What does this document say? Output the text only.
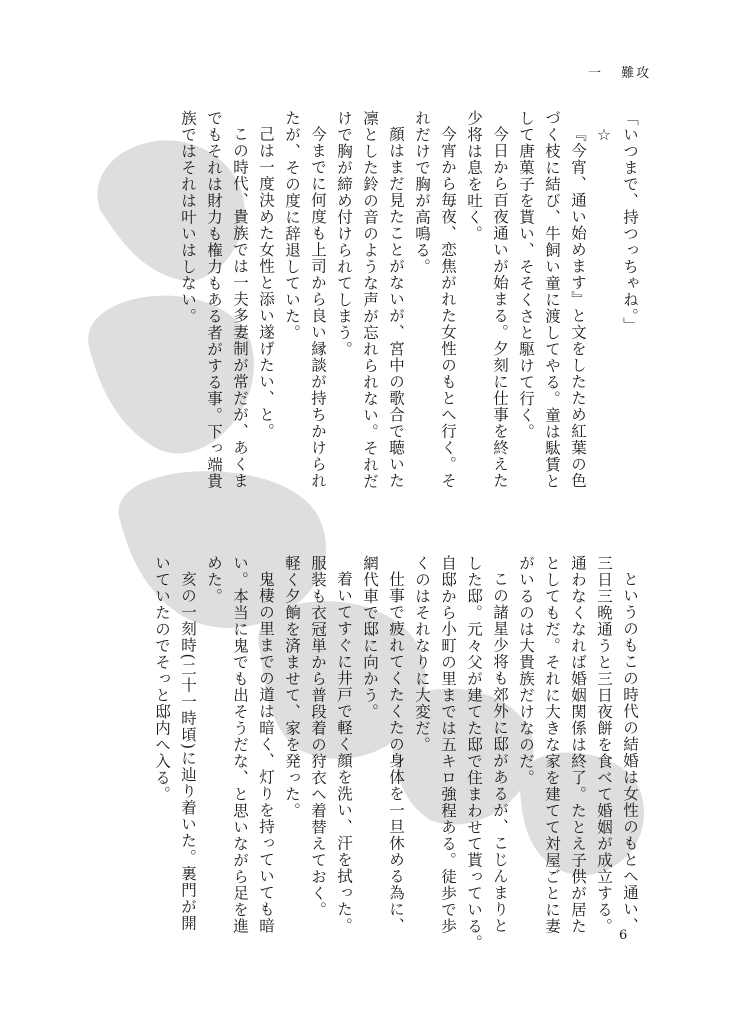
一 難攻

「いつまで、持つっちゃね。」

☆

『今宵、通い始めます』と文をしたため紅葉の色

づく枝に結び、牛飼い童に渡してやる。童は駄賃と

して唐菓子を貰い、そそくさと駆けて行く。

今日から百夜通いが始まる。夕刻に仕事を終えた

少将は息を吐く。

今宵から毎夜、恋焦がれた女性のもとへ行く。そ

れだけで胸が高鳴る。

顔はまだ見たことがないが、宮中の歌合で聴いた

凛とした鈴の音のような声が忘れられない。それだ

けで胸が締め付けられてしまう。

今までに何度も上司から良い縁談が持ちかけられ

たが、その度に辞退していた。

己は一度決めた女性と添い遂げたい、と。

この時代、貴族では一夫多妻制が常だが、あくま

でもそれは財力も権力もある者がする事。下っ端貴

族ではそれは叶いはしない。

というのもこの時代の結婚は女性のもとへ通い、

三日三晩通うと三日夜餅を食べて婚姻が成立する。

通わなくなれば婚姻関係は終了。たとえ子供が居た

としてもだ。それに大きな家を建てて対屋ごとに妻

がいるのは大貴族だけなのだ。

この諸星少将も郊外に邸があるが、こじんまりと

した邸。元々父が建てた邸で住まわせて貰っている。

自邸から小町の里までは五キロ強程ある。徒歩で歩

くのはそれなりに大変だ。

仕事で疲れてくたくたの身体を一旦休める為に、

網代車で邸に向かう。

着いてすぐに井戸で軽く顔を洗い、汗を拭った。

服装も衣冠単から普段着の狩衣へ着替えておく。

軽く夕餉を済ませて、家を発った。

鬼棲の里までの道は暗く、灯りを持っていても暗

い。本当に鬼でも出そうだな、と思いながら足を進

めた。

亥の一刻時(二十一時頃)に辿り着いた。裏門が開

いていたのでそっと邸内へ入る。

6
